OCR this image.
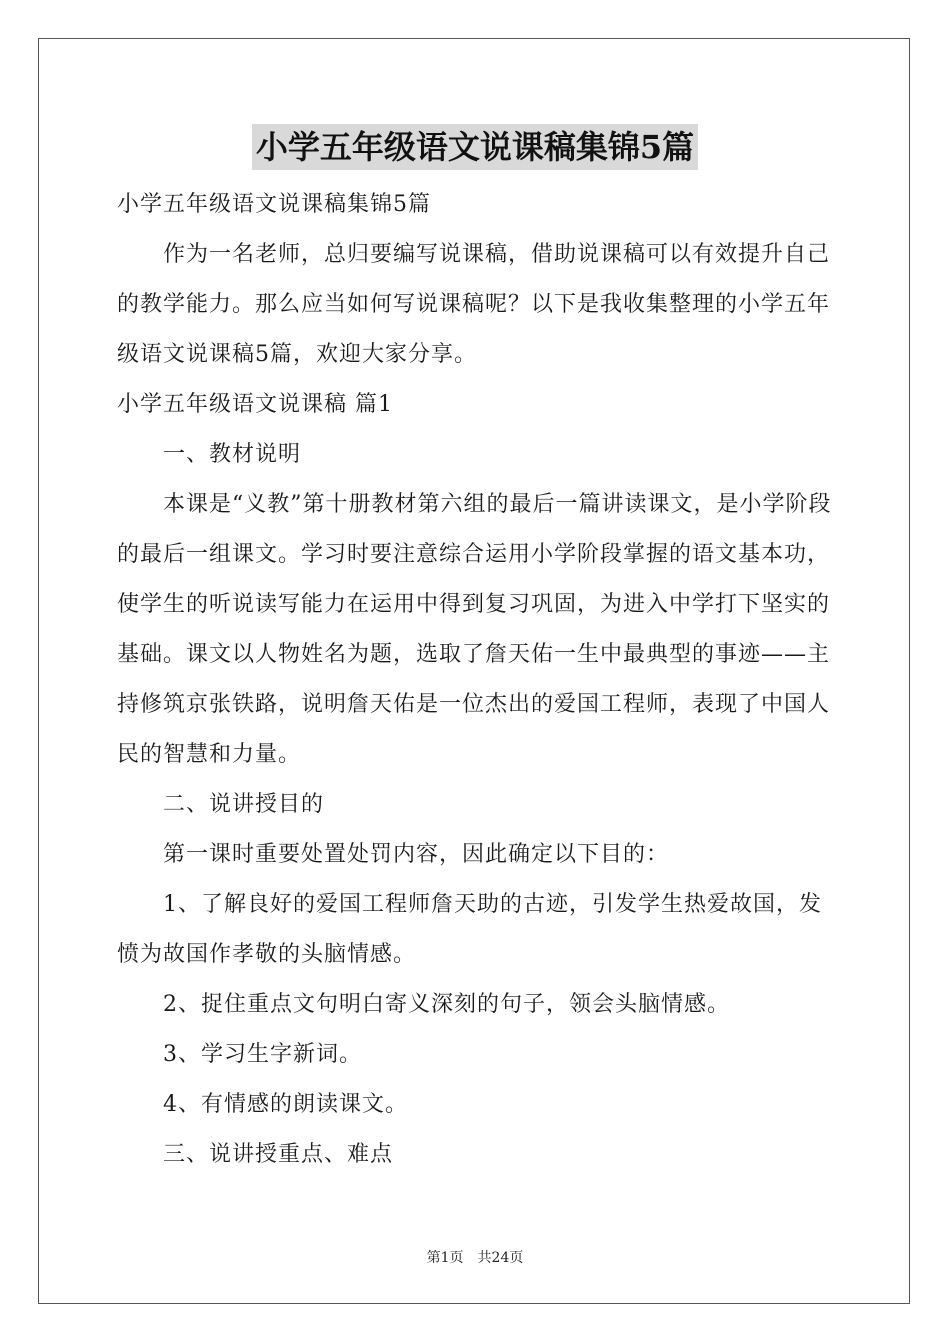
小学五年级语文说课稿集锦5篇

小学五年级语文说课稿集锦5篇

作为一名老师，总归要编写说课稿，借助说课稿可以有效提升自己的教学能力。那么应当如何写说课稿呢？以下是我收集整理的小学五年级语文说课稿5篇，欢迎大家分享。

小学五年级语文说课稿 篇1

一、教材说明

本课是“义教”第十册教材第六组的最后一篇讲读课文，是小学阶段的最后一组课文。学习时要注意综合运用小学阶段掌握的语文基本功，使学生的听说读写能力在运用中得到复习巩固，为进入中学打下坚实的基础。课文以人物姓名为题，选取了詹天佑一生中最典型的事迹——主持修筑京张铁路，说明詹天佑是一位杰出的爱国工程师，表现了中国人民的智慧和力量。

二、说讲授目的

第一课时重要处置处罚内容，因此确定以下目的：

1、了解良好的爱国工程师詹天助的古迹，引发学生热爱故国，发愤为故国作孝敬的头脑情感。

2、捉住重点文句明白寄义深刻的句子，领会头脑情感。

3、学习生字新词。

4、有情感的朗读课文。

三、说讲授重点、难点

第1页　共24页
